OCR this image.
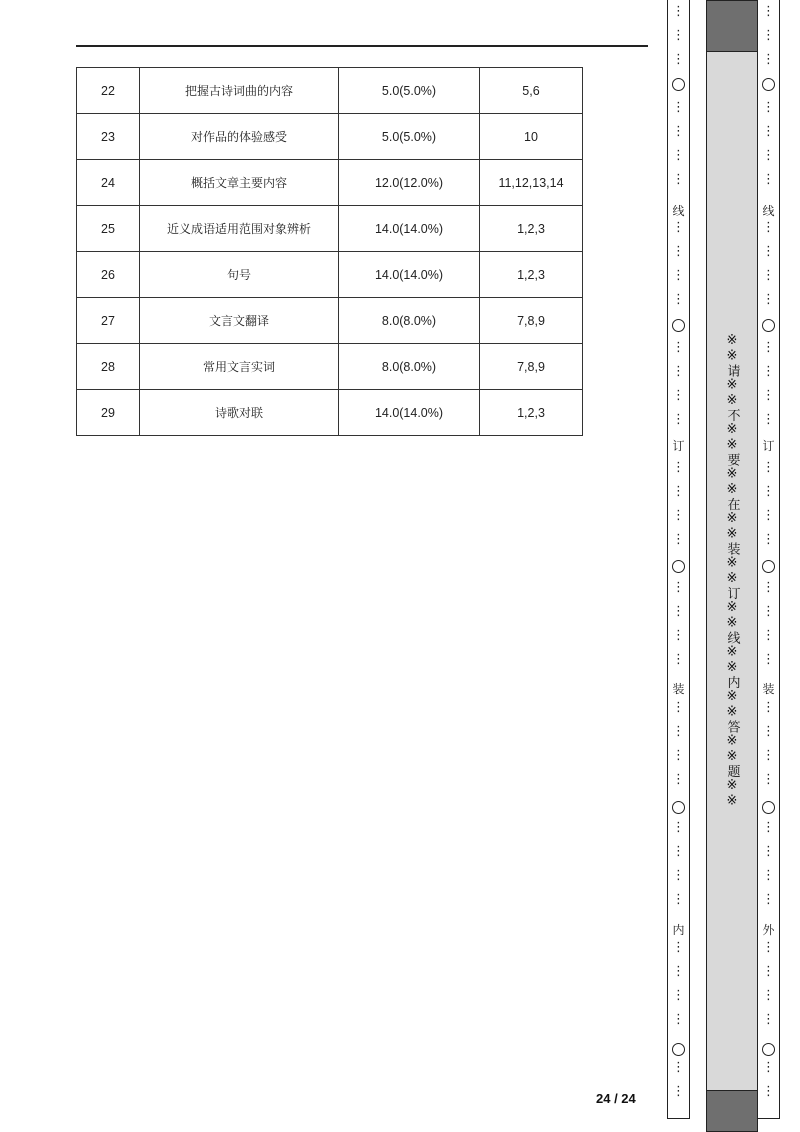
22	把握古诗词曲的内容	5.0(5.0%)	5,6
23	对作品的体验感受	5.0(5.0%)	10
24	概括文章主要内容	12.0(12.0%)	11,12,13,14
25	近义成语适用范围对象辨析	14.0(14.0%)	1,2,3
26	句号	14.0(14.0%)	1,2,3
27	文言文翻译	8.0(8.0%)	7,8,9
28	常用文言实词	8.0(8.0%)	7,8,9
29	诗歌对联	14.0(14.0%)	1,2,3
24 / 24
⋮
⋮
⋮
⋮
⋮
⋮
⋮
⋮
⋮
⋮
⋮
⋮
⋮
⋮
⋮
⋮
⋮
⋮
⋮
⋮
⋮
⋮
⋮
⋮
⋮
⋮
⋮
⋮
⋮
⋮
⋮
⋮
⋮
⋮
⋮
⋮
⋮
线
订
装
内
※※请※※不※※要※※在※※装※※订※※线※※内※※答※※题※※
⋮
⋮
⋮
⋮
⋮
⋮
⋮
⋮
⋮
⋮
⋮
⋮
⋮
⋮
⋮
⋮
⋮
⋮
⋮
⋮
⋮
⋮
⋮
⋮
⋮
⋮
⋮
⋮
⋮
⋮
⋮
⋮
⋮
⋮
⋮
⋮
⋮
线
订
装
外
